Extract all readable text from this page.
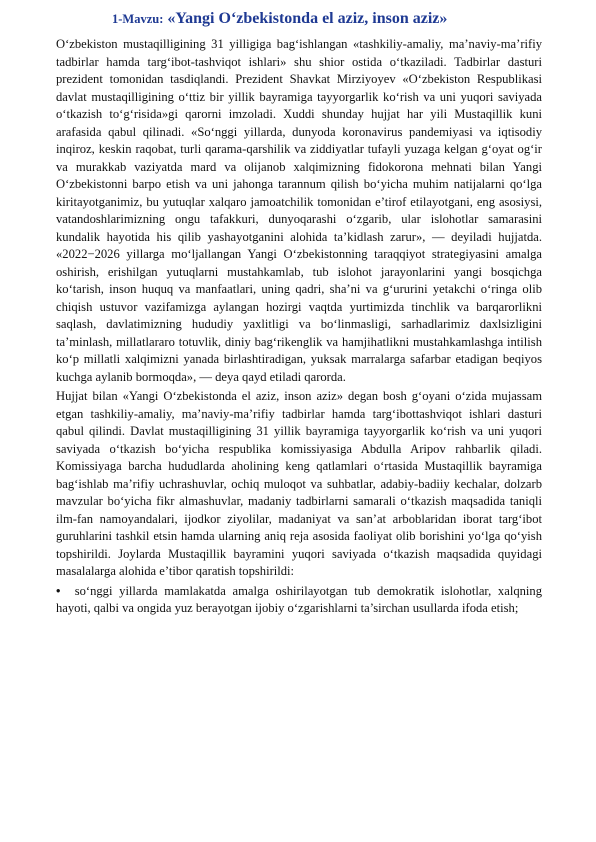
1-Mavzu: «Yangi O‘zbekistonda el aziz, inson aziz»

O‘zbekiston mustaqilligining 31 yilligiga bag‘ishlangan «tashkiliy-amaliy, ma’naviy-ma’rifiy tadbirlar hamda targ‘ibot-tashviqot ishlari» shu shior ostida o‘tkaziladi. Tadbirlar dasturi prezident tomonidan tasdiqlandi. Prezident Shavkat Mirziyoyev «O‘zbekiston Respublikasi davlat mustaqilligining o‘ttiz bir yillik bayramiga tayyorgarlik ko‘rish va uni yuqori saviyada o‘tkazish to‘g‘risida»gi qarorni imzoladi. Xuddi shunday hujjat har yili Mustaqillik kuni arafasida qabul qilinadi. «So‘nggi yillarda, dunyoda koronavirus pandemiyasi va iqtisodiy inqiroz, keskin raqobat, turli qarama-qarshilik va ziddiyatlar tufayli yuzaga kelgan g‘oyat og‘ir va murakkab vaziyatda mard va olijanob xalqimizning fidokorona mehnati bilan Yangi O‘zbekistonni barpo etish va uni jahonga tarannum qilish bo‘yicha muhim natijalarni qo‘lga kiritayotganimiz, bu yutuqlar xalqaro jamoatchilik tomonidan e’tirof etilayotgani, eng asosiysi, vatandoshlarimizning ongu tafakkuri, dunyoqarashi o‘zgarib, ular islohotlar samarasini kundalik hayotida his qilib yashayotganini alohida ta’kidlash zarur», — deyiladi hujjatda. «2022−2026 yillarga mo‘ljallangan Yangi O‘zbekistonning taraqqiyot strategiyasini amalga oshirish, erishilgan yutuqlarni mustahkamlab, tub islohot jarayonlarini yangi bosqichga ko‘tarish, inson huquq va manfaatlari, uning qadri, sha’ni va g‘ururini yetakchi o‘ringa olib chiqish ustuvor vazifamizga aylangan hozirgi vaqtda yurtimizda tinchlik va barqarorlikni saqlash, davlatimizning hududiy yaxlitligi va bo‘linmasligi, sarhadlarimiz daxlsizligini ta’minlash, millatlararo totuvlik, diniy bag‘rikenglik va hamjihatlikni mustahkamlashga intilish ko‘p millatli xalqimizni yanada birlashtiradigan, yuksak marralarga safarbar etadigan beqiyos kuchga aylanib bormoqda», — deya qayd etiladi qarorda.

Hujjat bilan «Yangi O‘zbekistonda el aziz, inson aziz» degan bosh g‘oyani o‘zida mujassam etgan tashkiliy-amaliy, ma’naviy-ma’rifiy tadbirlar hamda targ‘ibottashviqot ishlari dasturi qabul qilindi. Davlat mustaqilligining 31 yillik bayramiga tayyorgarlik ko‘rish va uni yuqori saviyada o‘tkazish bo‘yicha respublika komissiyasiga Abdulla Aripov rahbarlik qiladi. Komissiyaga barcha hududlarda aholining keng qatlamlari o‘rtasida Mustaqillik bayramiga bag‘ishlab ma’rifiy uchrashuvlar, ochiq muloqot va suhbatlar, adabiy-badiiy kechalar, dolzarb mavzular bo‘yicha fikr almashuvlar, madaniy tadbirlarni samarali o‘tkazish maqsadida taniqli ilm-fan namoyandalari, ijodkor ziyolilar, madaniyat va san’at arboblaridan iborat targ‘ibot guruhlarini tashkil etsin hamda ularning aniq reja asosida faoliyat olib borishini yo‘lga qo‘yish topshirildi. Joylarda Mustaqillik bayramini yuqori saviyada o‘tkazish maqsadida quyidagi masalalarga alohida e’tibor qaratish topshirildi:

• so‘nggi yillarda mamlakatda amalga oshirilayotgan tub demokratik islohotlar, xalqning hayoti, qalbi va ongida yuz berayotgan ijobiy o‘zgarishlarni ta’sirchan usullarda ifoda etish;
